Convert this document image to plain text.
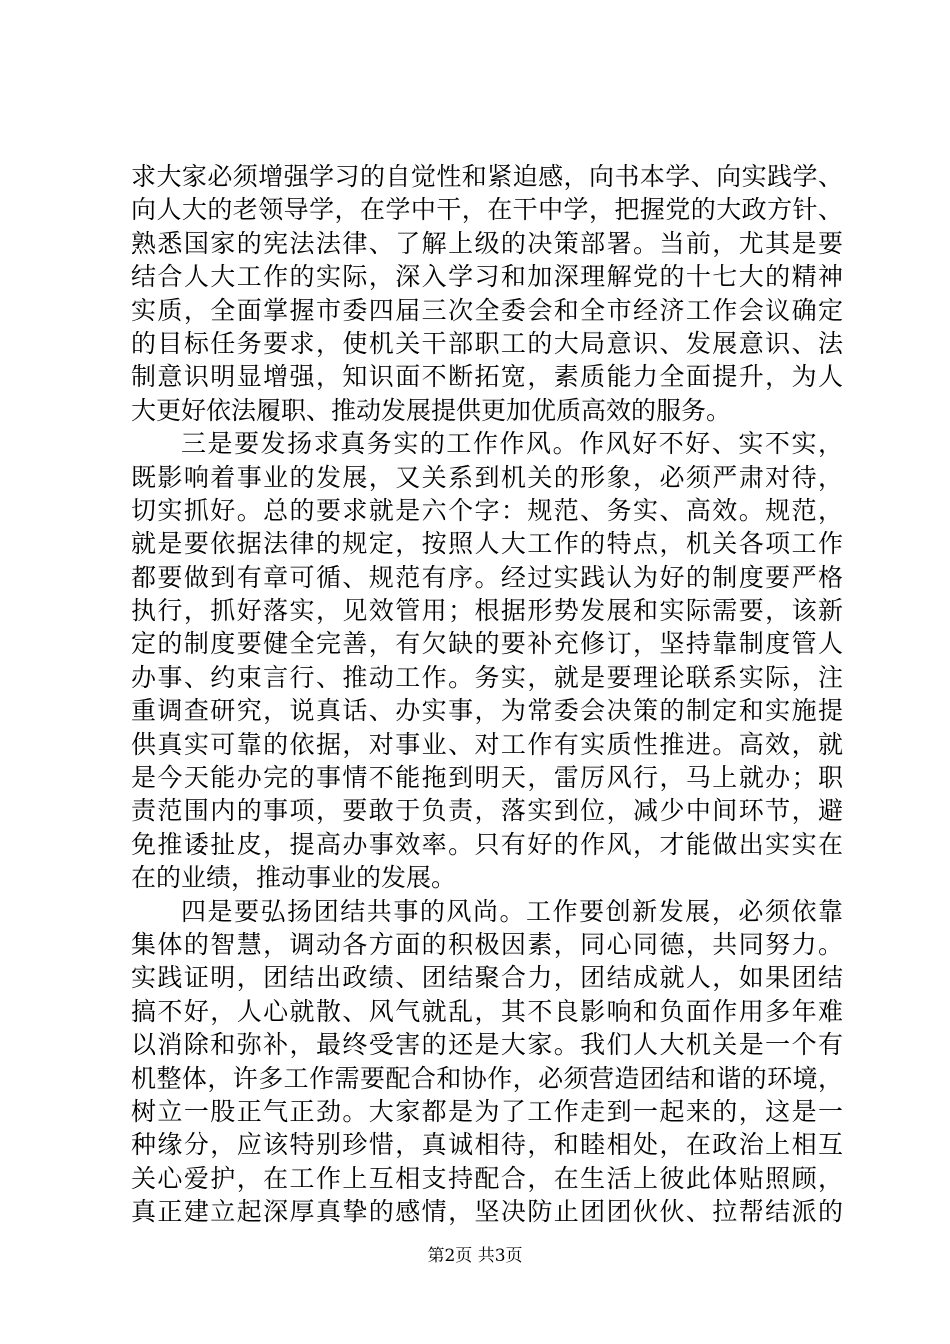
求大家必须增强学习的自觉性和紧迫感，向书本学、向实践学、
向人大的老领导学，在学中干，在干中学，把握党的大政方针、
熟悉国家的宪法法律、了解上级的决策部署。当前，尤其是要
结合人大工作的实际，深入学习和加深理解党的十七大的精神
实质，全面掌握市委四届三次全委会和全市经济工作会议确定
的目标任务要求，使机关干部职工的大局意识、发展意识、法
制意识明显增强，知识面不断拓宽，素质能力全面提升，为人
大更好依法履职、推动发展提供更加优质高效的服务。
三是要发扬求真务实的工作作风。作风好不好、实不实，
既影响着事业的发展，又关系到机关的形象，必须严肃对待，
切实抓好。总的要求就是六个字：规范、务实、高效。规范，
就是要依据法律的规定，按照人大工作的特点，机关各项工作
都要做到有章可循、规范有序。经过实践认为好的制度要严格
执行，抓好落实，见效管用；根据形势发展和实际需要，该新
定的制度要健全完善，有欠缺的要补充修订，坚持靠制度管人
办事、约束言行、推动工作。务实，就是要理论联系实际，注
重调查研究，说真话、办实事，为常委会决策的制定和实施提
供真实可靠的依据，对事业、对工作有实质性推进。高效，就
是今天能办完的事情不能拖到明天，雷厉风行，马上就办；职
责范围内的事项，要敢于负责，落实到位，减少中间环节，避
免推诿扯皮，提高办事效率。只有好的作风，才能做出实实在
在的业绩，推动事业的发展。
四是要弘扬团结共事的风尚。工作要创新发展，必须依靠
集体的智慧，调动各方面的积极因素，同心同德，共同努力。
实践证明，团结出政绩、团结聚合力，团结成就人，如果团结
搞不好，人心就散、风气就乱，其不良影响和负面作用多年难
以消除和弥补，最终受害的还是大家。我们人大机关是一个有
机整体，许多工作需要配合和协作，必须营造团结和谐的环境，
树立一股正气正劲。大家都是为了工作走到一起来的，这是一
种缘分，应该特别珍惜，真诚相待，和睦相处，在政治上相互
关心爱护，在工作上互相支持配合，在生活上彼此体贴照顾，
真正建立起深厚真挚的感情，坚决防止团团伙伙、拉帮结派的
第2页 共3页
